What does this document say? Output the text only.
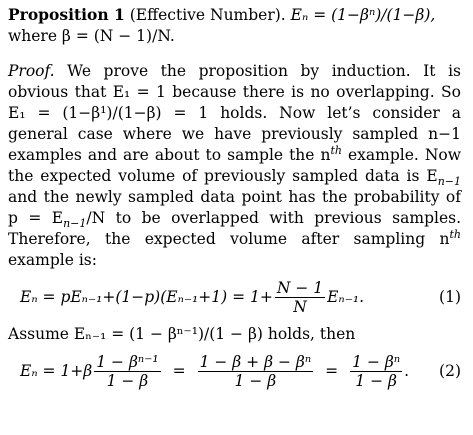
Proposition 1 (Effective Number). Eₙ = (1−βⁿ)/(1−β),
where β = (N − 1)/N.

Proof. We prove the proposition by induction. It is obvious that E₁ = 1 because there is no overlapping. So E₁ = (1−β¹)/(1−β) = 1 holds. Now let’s consider a general case where we have previously sampled n−1 examples and are about to sample the $n^{th}$ example. Now the expected volume of previously sampled data is $E_{n-1}$ and the newly sampled data point has the probability of $p = E_{n-1}/N$ to be overlapped with previous samples. Therefore, the expected volume after sampling $n^{th}$ example is:

$E_n = pE_{n-1}+(1-p)(E_{n-1}+1) = 1+ \frac{N - 1}{N} E_{n-1}$.	(1)

Assume Eₙ₋₁ = (1 − βⁿ⁻¹)/(1 − β) holds, then

$E_n = 1+\beta \frac{\text{1 − βⁿ⁻¹}}{1 - \beta} = \frac{\text{1 − β + β − βⁿ}}{1 - \beta} = \frac{\text{1 − βⁿ}}{1 - \beta}$ . (2)
